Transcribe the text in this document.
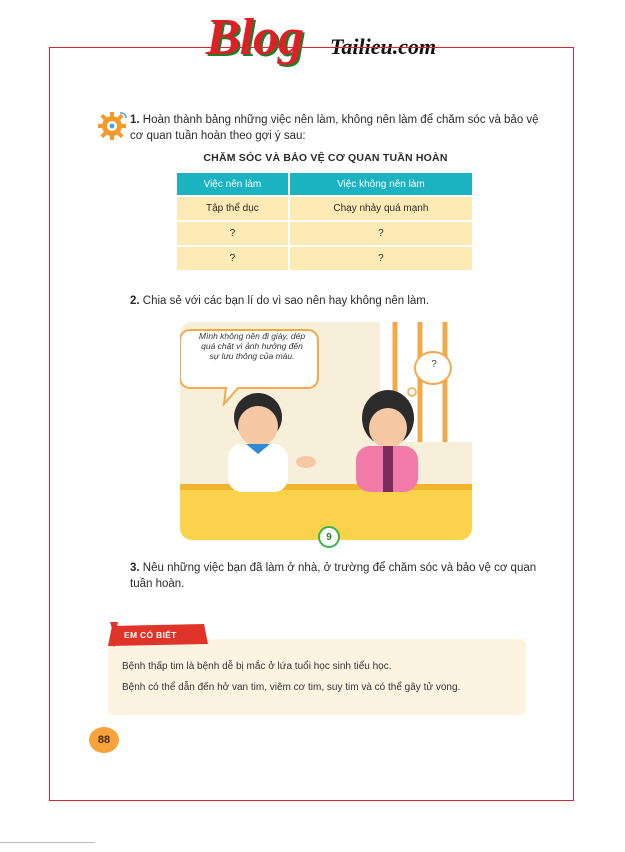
Blog Tailieu.com
1. Hoàn thành bảng những việc nên làm, không nên làm để chăm sóc và bảo vệ cơ quan tuần hoàn theo gợi ý sau:
CHĂM SÓC VÀ BẢO VỆ CƠ QUAN TUẦN HOÀN
Việc nên làm	Việc không nên làm
Tập thể dục	Chạy nhảy quá mạnh
?	?
?	?
2. Chia sẻ với các bạn lí do vì sao nên hay không nên làm.
Mình không nên đi giày, dép quá chật vì ảnh hưởng đến sự lưu thông của máu.
?
9
3. Nêu những việc bạn đã làm ở nhà, ở trường để chăm sóc và bảo vệ cơ quan tuần hoàn.
EM CÓ BIẾT
Bệnh thấp tim là bệnh dễ bị mắc ở lứa tuổi học sinh tiểu học.
Bệnh có thể dẫn đến hở van tim, viêm cơ tim, suy tim và có thể gây tử vong.
88
